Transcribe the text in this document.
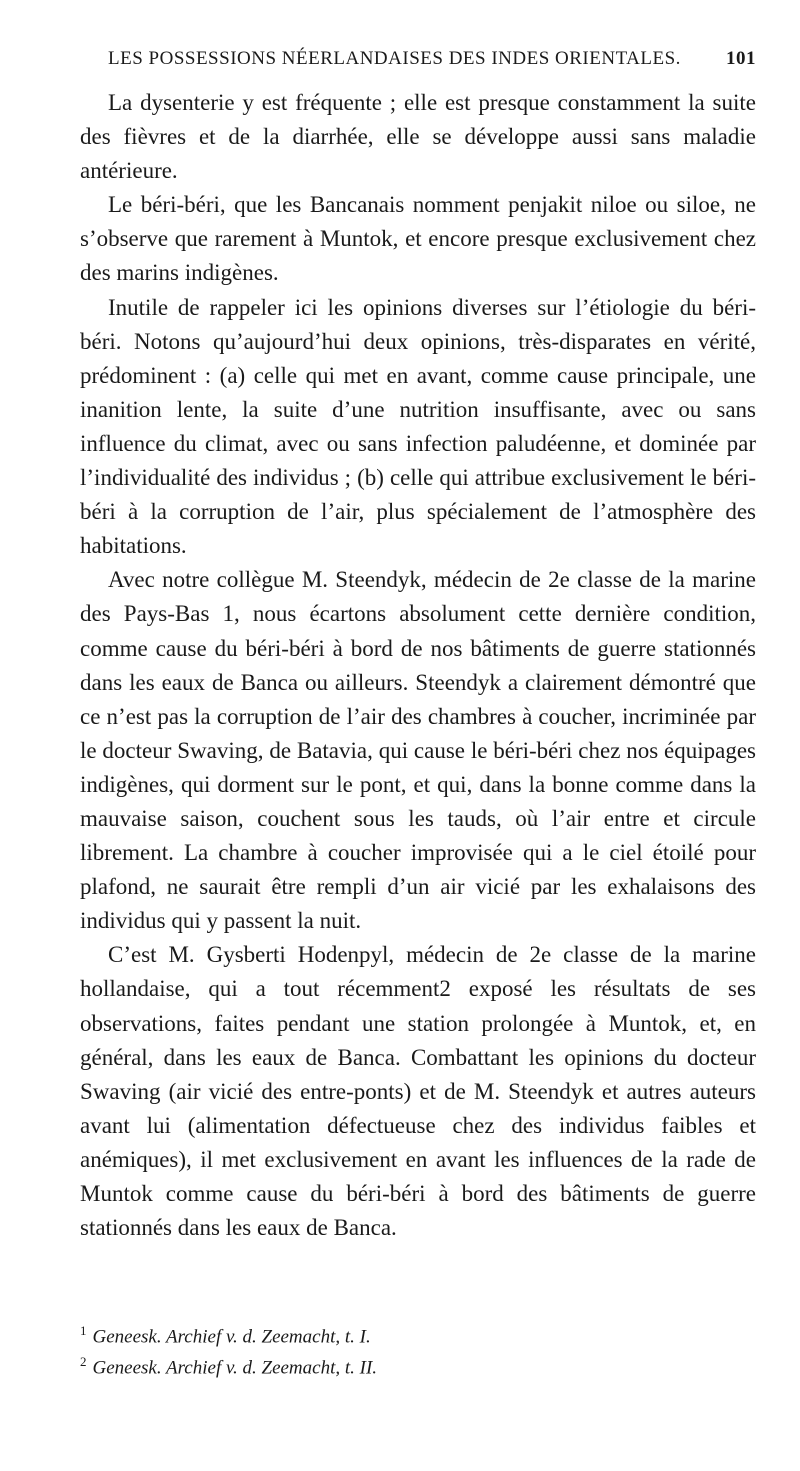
LES POSSESSIONS NÉERLANDAISES DES INDES ORIENTALES. 101

La dysenterie y est fréquente ; elle est presque constamment la suite des fièvres et de la diarrhée, elle se développe aussi sans maladie antérieure.

Le béri-béri, que les Bancanais nomment penjakit niloe ou siloe, ne s’observe que rarement à Muntok, et encore presque exclusivement chez des marins indigènes.

Inutile de rappeler ici les opinions diverses sur l’étiologie du béri-béri. Notons qu’aujourd’hui deux opinions, très-disparates en vérité, prédominent : (a) celle qui met en avant, comme cause principale, une inanition lente, la suite d’une nutrition insuffisante, avec ou sans influence du climat, avec ou sans infection paludéenne, et dominée par l’individualité des individus ; (b) celle qui attribue exclusivement le béri-béri à la corruption de l’air, plus spécialement de l’atmosphère des habitations.

Avec notre collègue M. Steendyk, médecin de 2e classe de la marine des Pays-Bas 1, nous écartons absolument cette dernière condition, comme cause du béri-béri à bord de nos bâtiments de guerre stationnés dans les eaux de Banca ou ailleurs. Steendyk a clairement démontré que ce n’est pas la corruption de l’air des chambres à coucher, incriminée par le docteur Swaving, de Batavia, qui cause le béri-béri chez nos équipages indigènes, qui dorment sur le pont, et qui, dans la bonne comme dans la mauvaise saison, couchent sous les tauds, où l’air entre et circule librement. La chambre à coucher improvisée qui a le ciel étoilé pour plafond, ne saurait être rempli d’un air vicié par les exhalaisons des individus qui y passent la nuit.

C’est M. Gysberti Hodenpyl, médecin de 2e classe de la marine hollandaise, qui a tout récemment2 exposé les résultats de ses observations, faites pendant une station prolongée à Muntok, et, en général, dans les eaux de Banca. Combattant les opinions du docteur Swaving (air vicié des entre-ponts) et de M. Steendyk et autres auteurs avant lui (alimentation défectueuse chez des individus faibles et anémiques), il met exclusivement en avant les influences de la rade de Muntok comme cause du béri-béri à bord des bâtiments de guerre stationnés dans les eaux de Banca.

$^1$ Geneesk. Archief v. d. Zeemacht, t. I.

$^2$ Geneesk. Archief v. d. Zeemacht, t. II.
